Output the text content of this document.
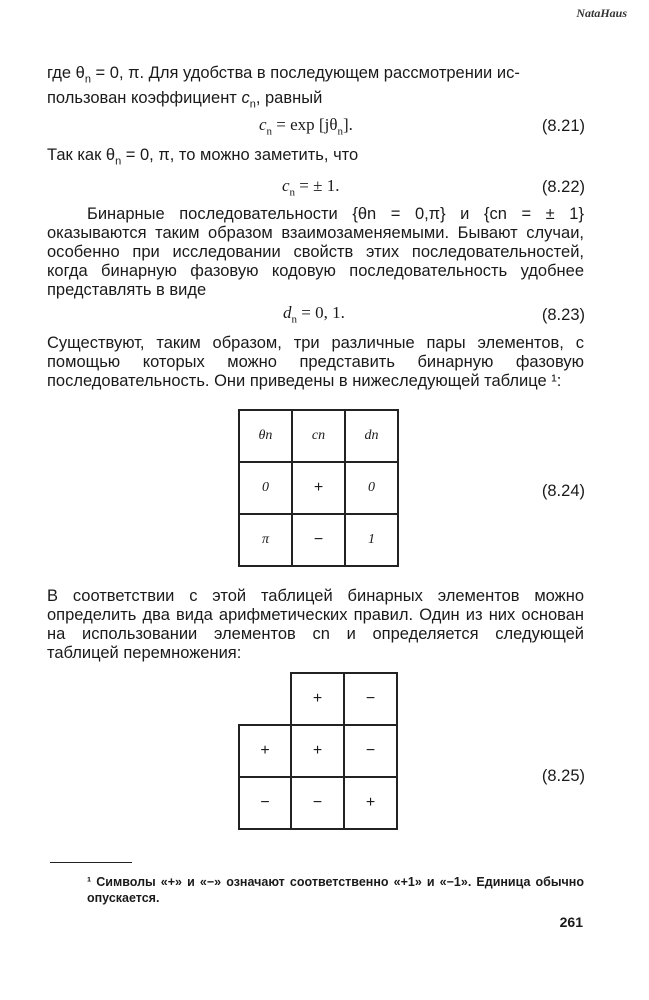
NataHaus
где $\theta_n = 0$, π. Для удобства в последующем рассмотрении ис-
пользован коэффициент $c_n$, равный
$c_n = \exp [j\theta_n]$.	(8.21)
Так как $\theta_n = 0$, π, то можно заметить, что
$c_n$ = ± 1.	(8.22)
Бинарные последовательности {θn = 0,π} и {cn = ± 1} оказываются таким образом взаимозаменяемыми. Бывают случаи, особенно при исследовании свойств этих последовательностей, когда бинарную фазовую кодовую последовательность удобнее представлять в виде
$d_n = 0$, 1.	(8.23)
Существуют, таким образом, три различные пары элементов, с помощью которых можно представить бинарную фазовую последовательность. Они приведены в нижеследующей таблице ¹:
θn	cn	dn
0	+	0
π	−	1
(8.24)
В соответствии с этой таблицей бинарных элементов можно определить два вида арифметических правил. Один из них основан на использовании элементов cn и определяется следующей таблицей перемножения:
	+	−
+	+	−
−	−	+
(8.25)
¹ Символы «+» и «−» означают соответственно «+1» и «−1». Единица обычно опускается.
261
